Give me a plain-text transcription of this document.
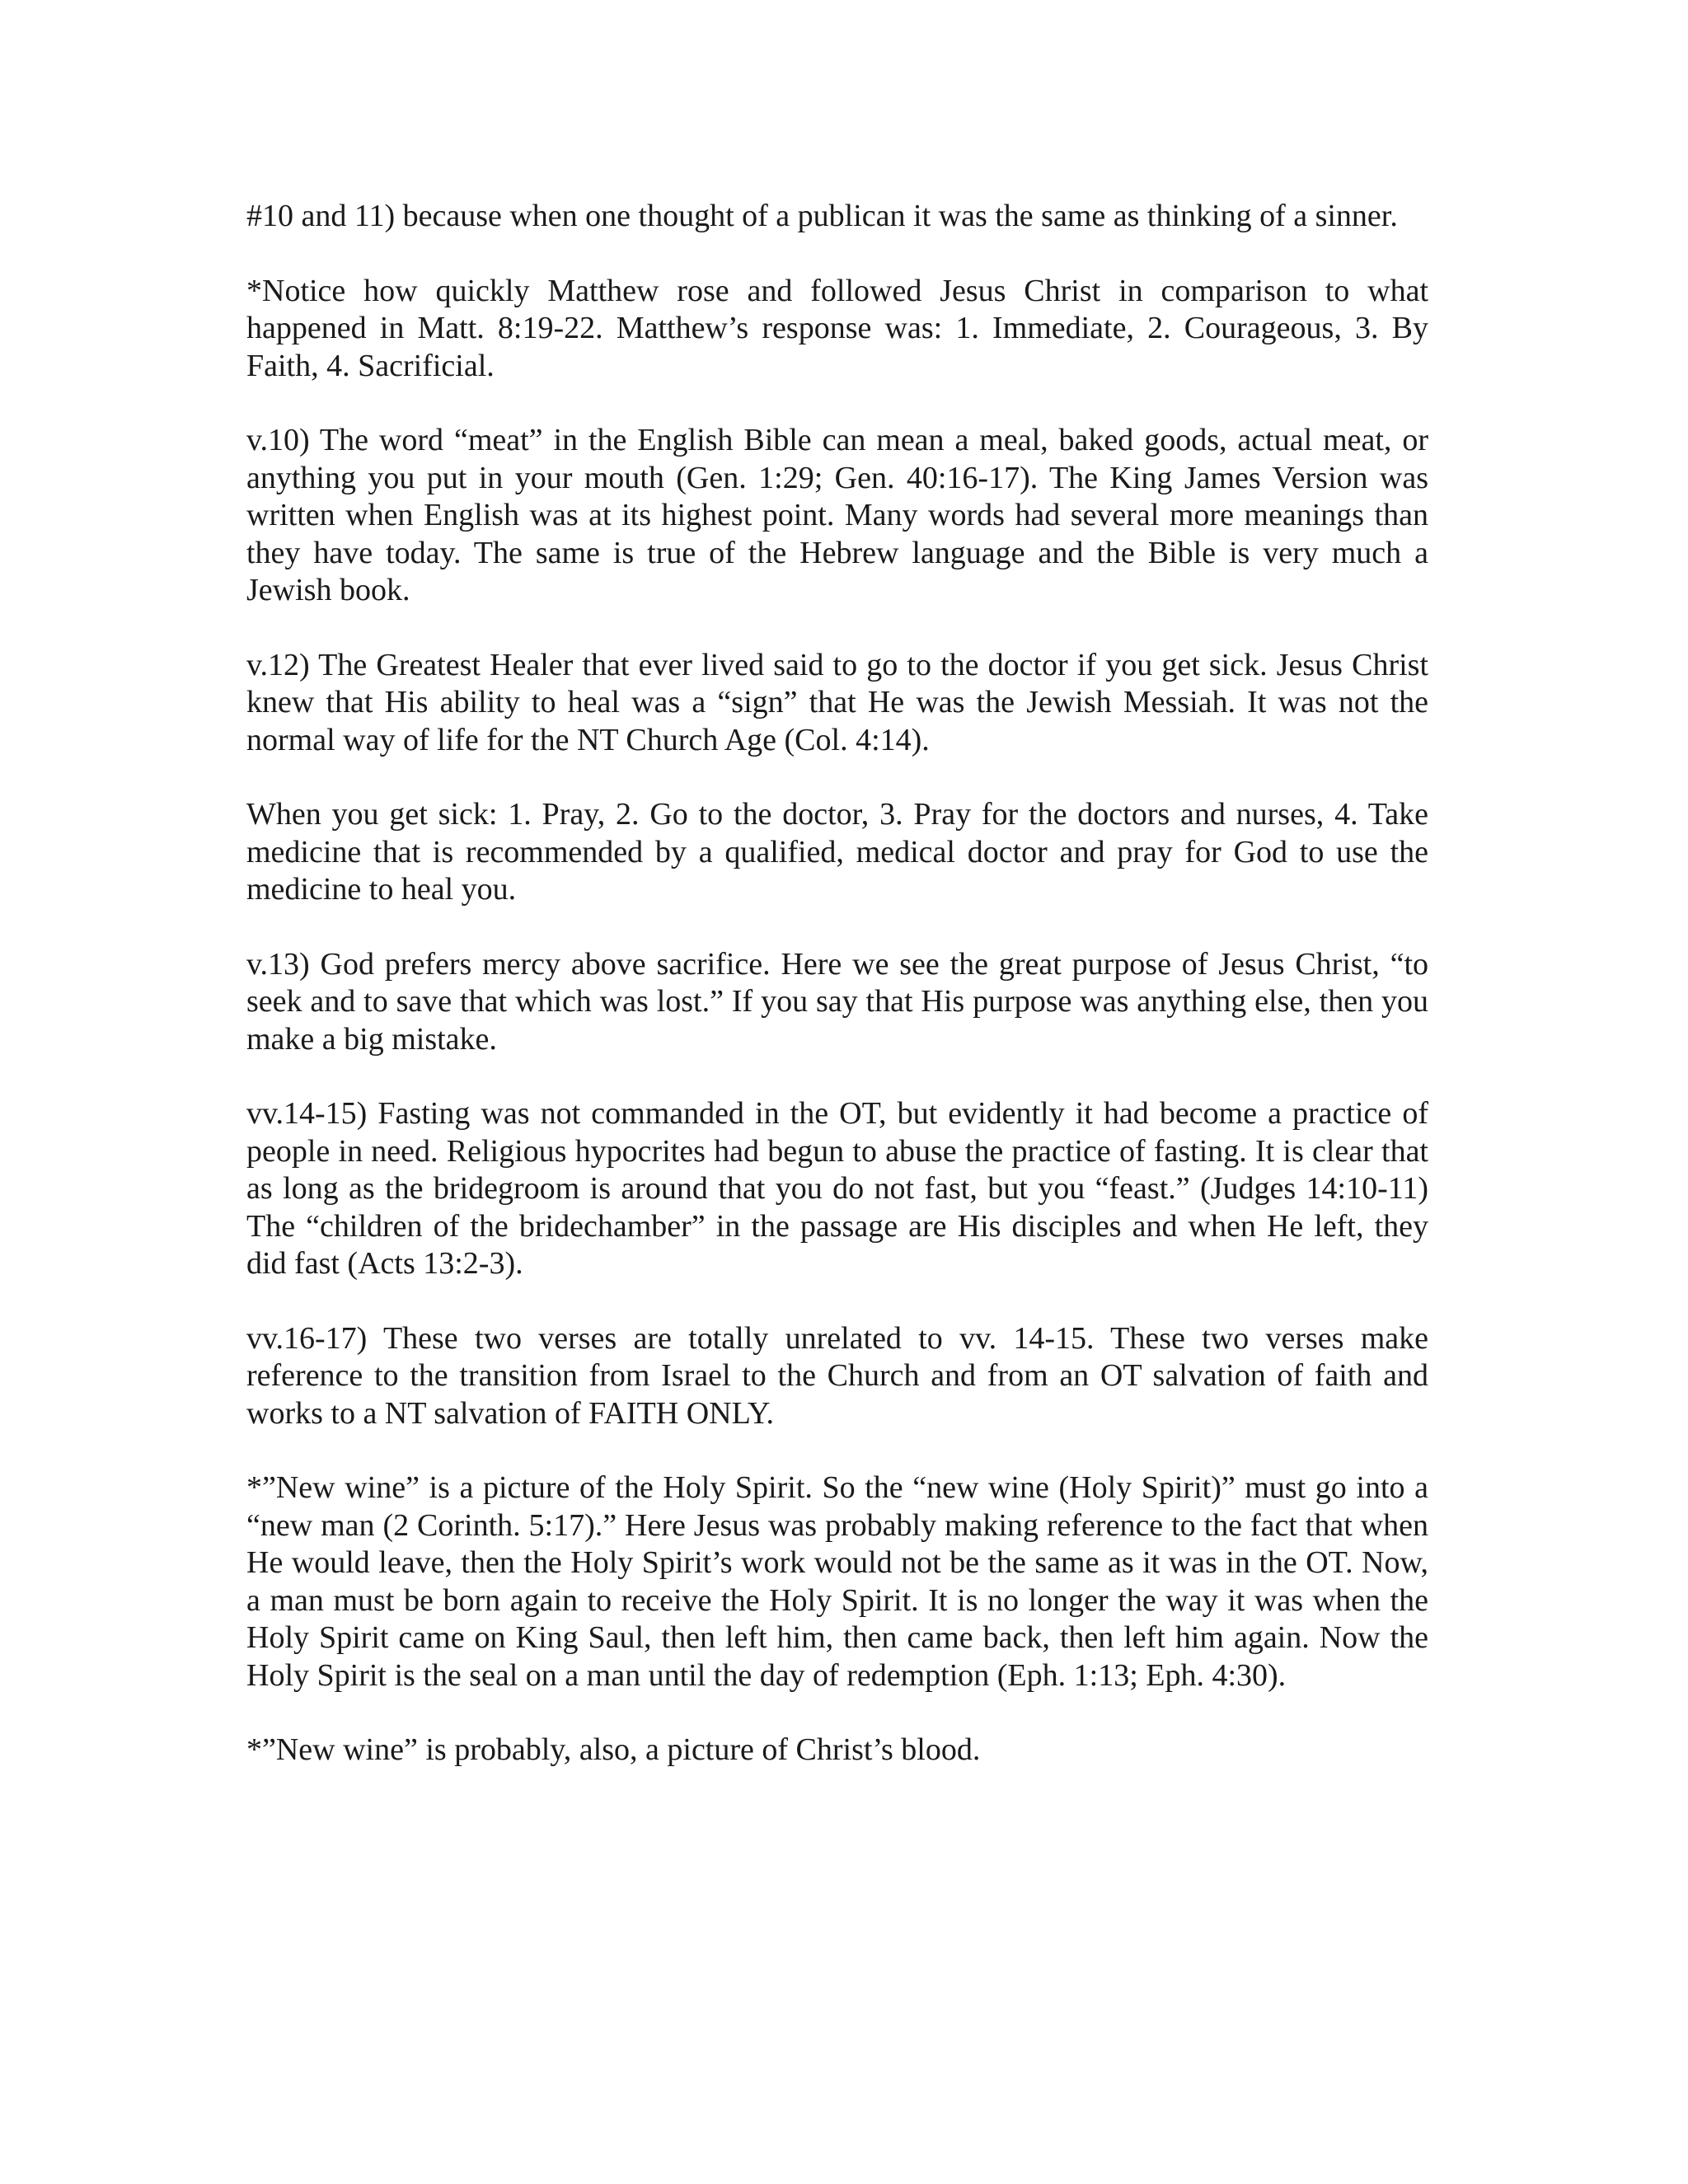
#10 and 11) because when one thought of a publican it was the same as thinking of a sinner.

*Notice how quickly Matthew rose and followed Jesus Christ in comparison to what happened in Matt. 8:19-22. Matthew’s response was: 1. Immediate, 2. Courageous, 3. By Faith, 4. Sacrificial.

v.10) The word “meat” in the English Bible can mean a meal, baked goods, actual meat, or anything you put in your mouth (Gen. 1:29; Gen. 40:16-17). The King James Version was written when English was at its highest point. Many words had several more meanings than they have today. The same is true of the Hebrew language and the Bible is very much a Jewish book.

v.12) The Greatest Healer that ever lived said to go to the doctor if you get sick. Jesus Christ knew that His ability to heal was a “sign” that He was the Jewish Messiah. It was not the normal way of life for the NT Church Age (Col. 4:14).

When you get sick: 1. Pray, 2. Go to the doctor, 3. Pray for the doctors and nurses, 4. Take medicine that is recommended by a qualified, medical doctor and pray for God to use the medicine to heal you.

v.13) God prefers mercy above sacrifice. Here we see the great purpose of Jesus Christ, “to seek and to save that which was lost.” If you say that His purpose was anything else, then you make a big mistake.

vv.14-15) Fasting was not commanded in the OT, but evidently it had become a practice of people in need. Religious hypocrites had begun to abuse the practice of fasting. It is clear that as long as the bridegroom is around that you do not fast, but you “feast.” (Judges 14:10-11) The “children of the bridechamber” in the passage are His disciples and when He left, they did fast (Acts 13:2-3).

vv.16-17) These two verses are totally unrelated to vv. 14-15. These two verses make reference to the transition from Israel to the Church and from an OT salvation of faith and works to a NT salvation of FAITH ONLY.

*”New wine” is a picture of the Holy Spirit. So the “new wine (Holy Spirit)” must go into a “new man (2 Corinth. 5:17).” Here Jesus was probably making reference to the fact that when He would leave, then the Holy Spirit’s work would not be the same as it was in the OT. Now, a man must be born again to receive the Holy Spirit. It is no longer the way it was when the Holy Spirit came on King Saul, then left him, then came back, then left him again. Now the Holy Spirit is the seal on a man until the day of redemption (Eph. 1:13; Eph. 4:30).

*”New wine” is probably, also, a picture of Christ’s blood.
